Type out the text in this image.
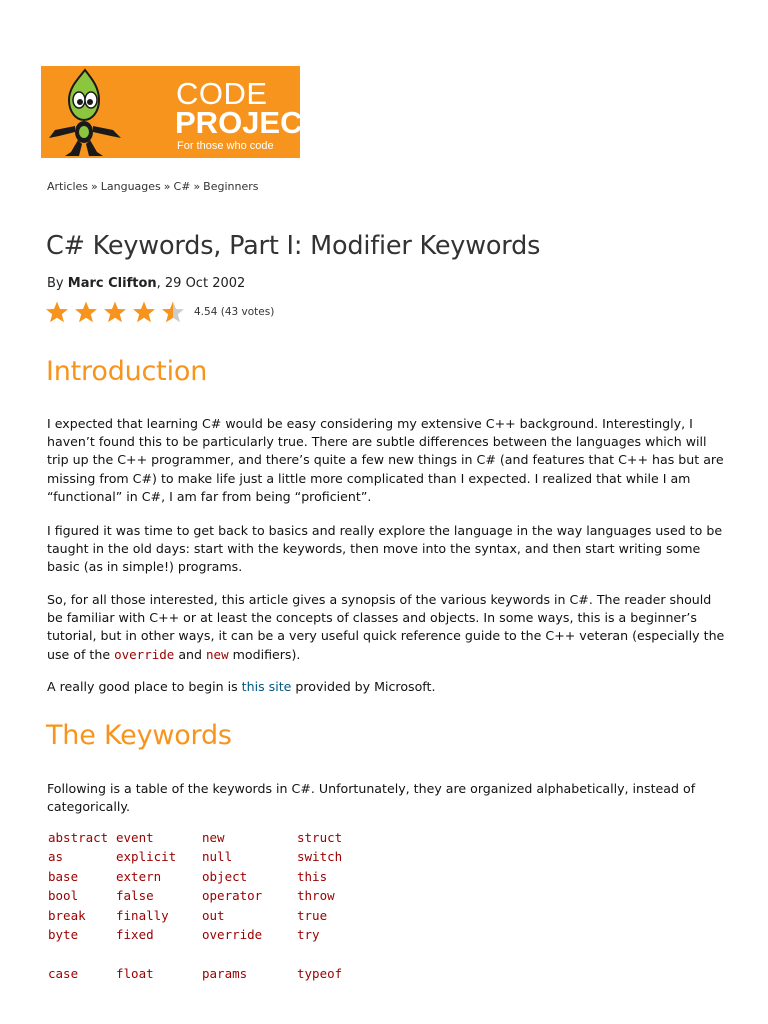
CODE
PROJECT ®
For those who code
Articles » Languages » C# » Beginners
C# Keywords, Part I: Modifier Keywords
By Marc Clifton, 29 Oct 2002
4.54 (43 votes)
Introduction

I expected that learning C# would be easy considering my extensive C++ background. Interestingly, I haven’t found this to be particularly true. There are subtle differences between the languages which will trip up the C++ programmer, and there’s quite a few new things in C# (and features that C++ has but are missing from C#) to make life just a little more complicated than I expected. I realized that while I am “functional” in C#, I am far from being “proficient”.

I figured it was time to get back to basics and really explore the language in the way languages used to be taught in the old days: start with the keywords, then move into the syntax, and then start writing some basic (as in simple!) programs.

So, for all those interested, this article gives a synopsis of the various keywords in C#. The reader should be familiar with C++ or at least the concepts of classes and objects. In some ways, this is a beginner’s tutorial, but in other ways, it can be a very useful quick reference guide to the C++ veteran (especially the use of the override and new modifiers).

A really good place to begin is this site provided by Microsoft.

The Keywords

Following is a table of the keywords in C#. Unfortunately, they are organized alphabetically, instead of categorically.

abstract	event	new	struct
as	explicit	null	switch
base	extern	object	this
bool	false	operator	throw
break	finally	out	true
byte	fixed	override	try
case	float	params	typeof
